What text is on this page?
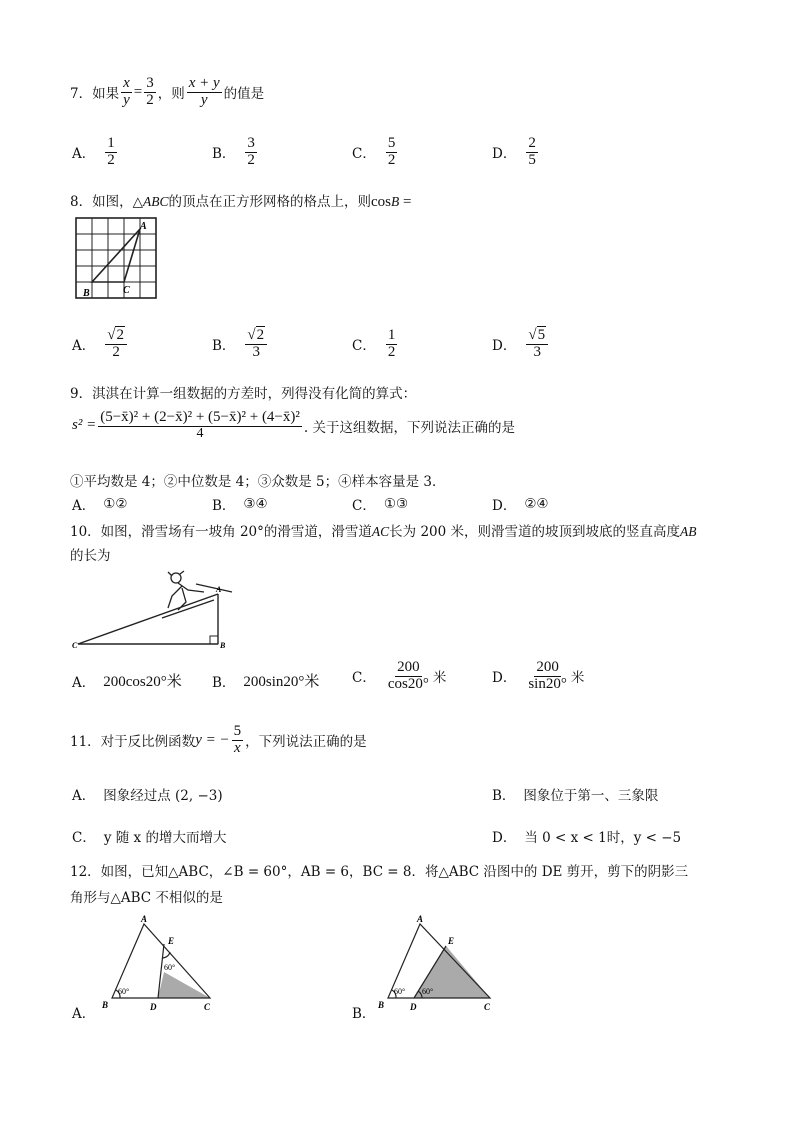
7．如果 $\frac{x}{y} = \frac{3}{2}$ ，则 $\frac{x + y}{y}$ 的值是
A． $\frac{1}{2}$	B． $\frac{3}{2}$	C． $\frac{5}{2}$	D． $\frac{2}{5}$
8．如图，△ABC的顶点在正方形网格的格点上，则cosB =
A
B	C
A． $\frac{√2}{2}$	B． $\frac{√2}{3}$	C． $\frac{1}{2}$	D． $\frac{√5}{3}$
9．淇淇在计算一组数据的方差时，列得没有化简的算式：
$s^2 = \frac{\text{(5−x̄)² + (2−x̄)² + (5−x̄)² + (4−x̄)²}}{4}$ . 关于这组数据，下列说法正确的是
①平均数是 4；②中位数是 4；③众数是 5；④样本容量是 3．
A． ①②	B． ③④	C． ①③	D． ②④
10．如图，滑雪场有一坡角 20°的滑雪道，滑雪道AC长为 200 米，则滑雪道的坡顶到坡底的竖直高度AB
的长为
A
B
C
A． 200cos20°米 B． 200sin20°米 C． $\frac{200}{\cos 20^\circ}$ 米	D． $\frac{200}{\sin 20^\circ}$ 米
11．对于反比例函数 y = − $\frac{5}{x}$ ，下列说法正确的是
A． 图象经过点 (2, −3)	B． 图象位于第一、三象限
C． y 随 x 的增大而增大	D． 当 0 < x < 1时，y < −5
12．如图，已知△ABC，∠B = 60°，AB = 6，BC = 8．将△ABC 沿图中的 DE 剪开，剪下的阴影三
角形与△ABC 不相似的是
A
B	C
D
E
60°
60°
A．
A
B	C
D
E
60° 60°
B．
